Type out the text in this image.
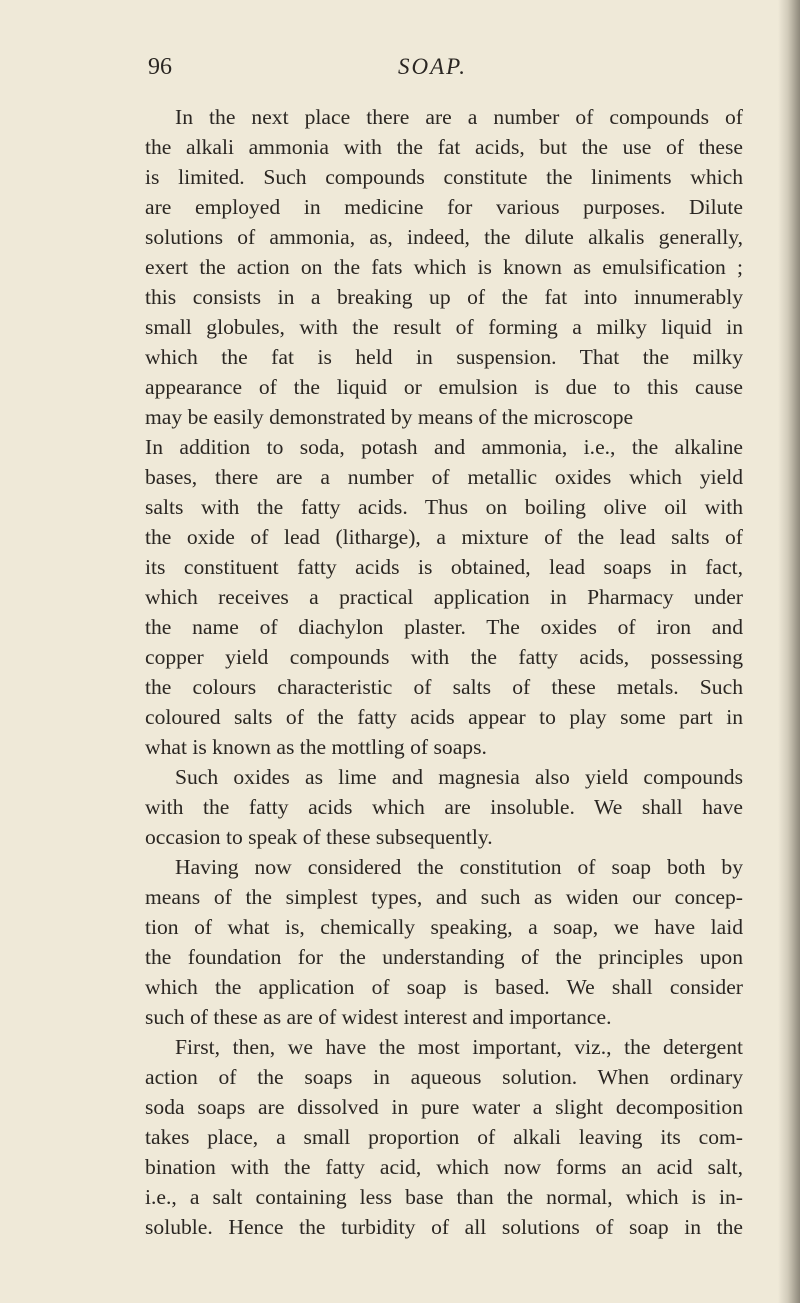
96	SOAP.
In the next place there are a number of compounds of
the alkali ammonia with the fat acids, but the use of these
is limited. Such compounds constitute the liniments which
are employed in medicine for various purposes. Dilute
solutions of ammonia, as, indeed, the dilute alkalis generally,
exert the action on the fats which is known as emulsification ;
this consists in a breaking up of the fat into innumerably
small globules, with the result of forming a milky liquid in
which the fat is held in suspension. That the milky
appearance of the liquid or emulsion is due to this cause
may be easily demonstrated by means of the microscope
In addition to soda, potash and ammonia, i.e., the alkaline
bases, there are a number of metallic oxides which yield
salts with the fatty acids. Thus on boiling olive oil with
the oxide of lead (litharge), a mixture of the lead salts of
its constituent fatty acids is obtained, lead soaps in fact,
which receives a practical application in Pharmacy under
the name of diachylon plaster. The oxides of iron and
copper yield compounds with the fatty acids, possessing
the colours characteristic of salts of these metals. Such
coloured salts of the fatty acids appear to play some part in
what is known as the mottling of soaps.
Such oxides as lime and magnesia also yield compounds
with the fatty acids which are insoluble. We shall have
occasion to speak of these subsequently.
Having now considered the constitution of soap both by
means of the simplest types, and such as widen our concep-
tion of what is, chemically speaking, a soap, we have laid
the foundation for the understanding of the principles upon
which the application of soap is based. We shall consider
such of these as are of widest interest and importance.
First, then, we have the most important, viz., the detergent
action of the soaps in aqueous solution. When ordinary
soda soaps are dissolved in pure water a slight decomposition
takes place, a small proportion of alkali leaving its com-
bination with the fatty acid, which now forms an acid salt,
i.e., a salt containing less base than the normal, which is in-
soluble. Hence the turbidity of all solutions of soap in the
